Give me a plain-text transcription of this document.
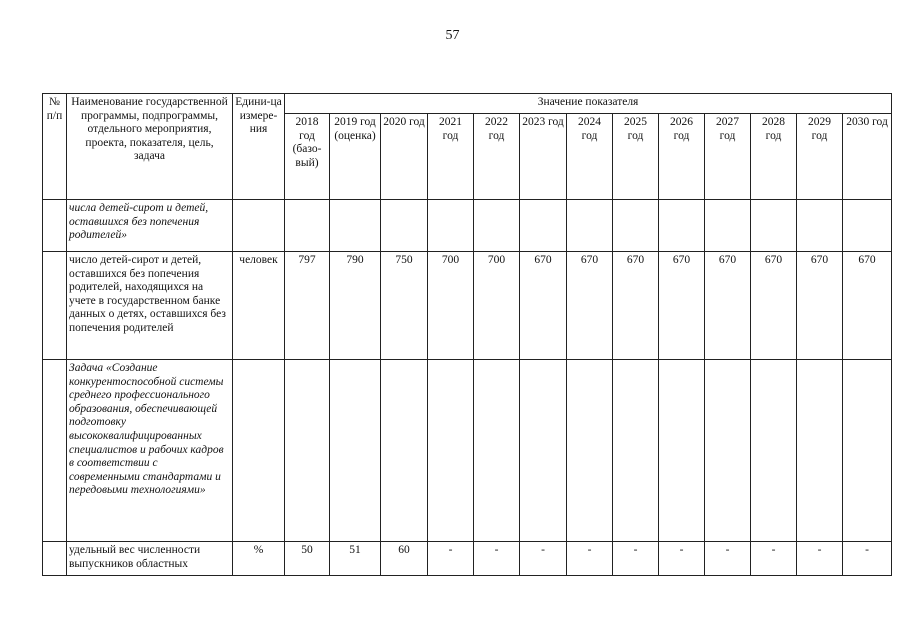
57
№ п/п	Наименование государственной программы, подпрограммы, отдельного мероприятия, проекта, показателя, цель, задача	Едини-ца измере-ния	Значение показателя												
			2018 год (базо-вый)	2019 год (оценка)	2020 год	2021 год	2022 год	2023 год	2024 год	2025 год	2026 год	2027 год	2028 год	2029 год	2030 год
	числа детей-сирот и детей, оставшихся без попечения родителей»														
	число детей-сирот и детей, оставшихся без попечения родителей, находящихся на учете в государственном банке данных о детях, оставшихся без попечения родителей	человек	797	790	750	700	700	670	670	670	670	670	670	670	670
	Задача «Создание конкурентоспособной системы среднего профессионального образования, обеспечивающей подготовку высококвалифицированных специалистов и рабочих кадров в соответствии с современными стандартами и передовыми технологиями»														
	удельный вес численности выпускников областных	%	50	51	60	-	-	-	-	-	-	-	-	-	-
